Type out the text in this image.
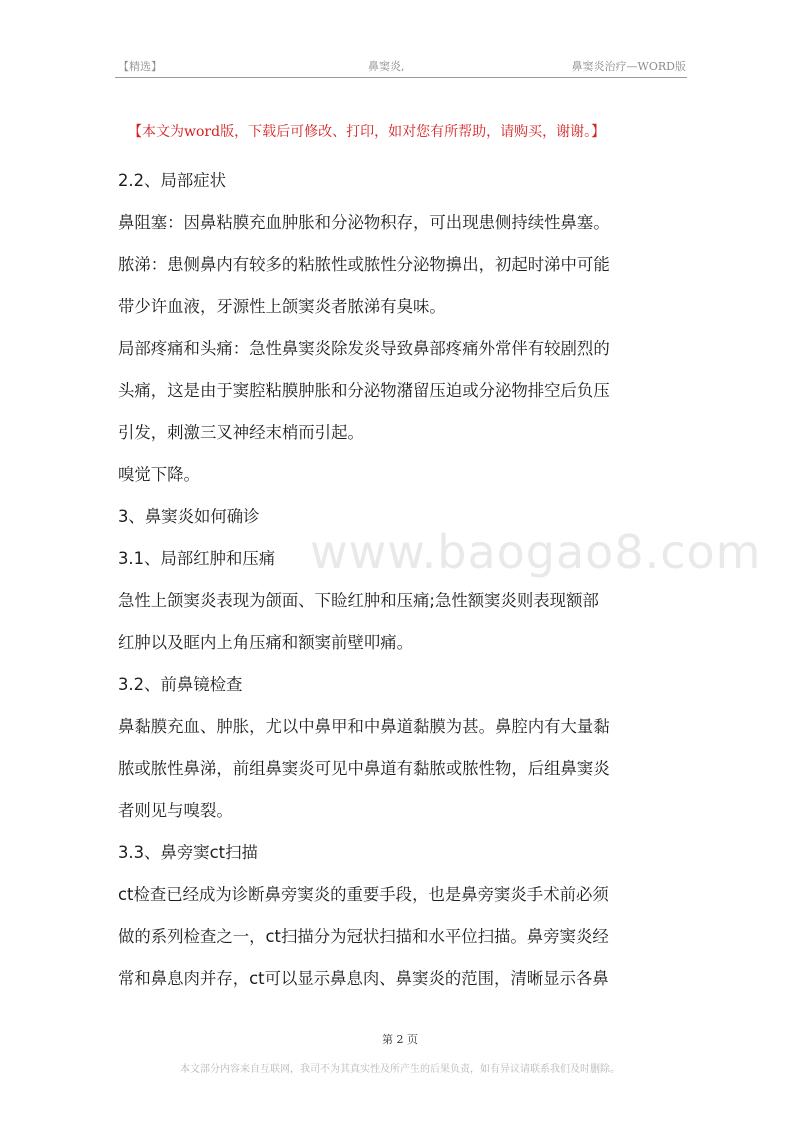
【精选】	鼻窦炎,	鼻窦炎治疗—WORD版
【本文为word版，下载后可修改、打印，如对您有所帮助，请购买，谢谢。】
www.baogao8.com
2.2、局部症状
鼻阻塞：因鼻粘膜充血肿胀和分泌物积存，可出现患侧持续性鼻塞。
脓涕：患侧鼻内有较多的粘脓性或脓性分泌物擤出，初起时涕中可能
带少许血液，牙源性上颌窦炎者脓涕有臭味。
局部疼痛和头痛：急性鼻窦炎除发炎导致鼻部疼痛外常伴有较剧烈的
头痛，这是由于窦腔粘膜肿胀和分泌物潴留压迫或分泌物排空后负压
引发，刺激三叉神经末梢而引起。
嗅觉下降。
3、鼻窦炎如何确诊
3.1、局部红肿和压痛
急性上颌窦炎表现为颌面、下睑红肿和压痛;急性额窦炎则表现额部
红肿以及眶内上角压痛和额窦前壁叩痛。
3.2、前鼻镜检查
鼻黏膜充血、肿胀，尤以中鼻甲和中鼻道黏膜为甚。鼻腔内有大量黏
脓或脓性鼻涕，前组鼻窦炎可见中鼻道有黏脓或脓性物，后组鼻窦炎
者则见与嗅裂。
3.3、鼻旁窦ct扫描
ct检查已经成为诊断鼻旁窦炎的重要手段，也是鼻旁窦炎手术前必须
做的系列检查之一，ct扫描分为冠状扫描和水平位扫描。鼻旁窦炎经
常和鼻息肉并存，ct可以显示鼻息肉、鼻窦炎的范围，清晰显示各鼻
第 2 页
本文部分内容来自互联网，我司不为其真实性及所产生的后果负责，如有异议请联系我们及时删除。
